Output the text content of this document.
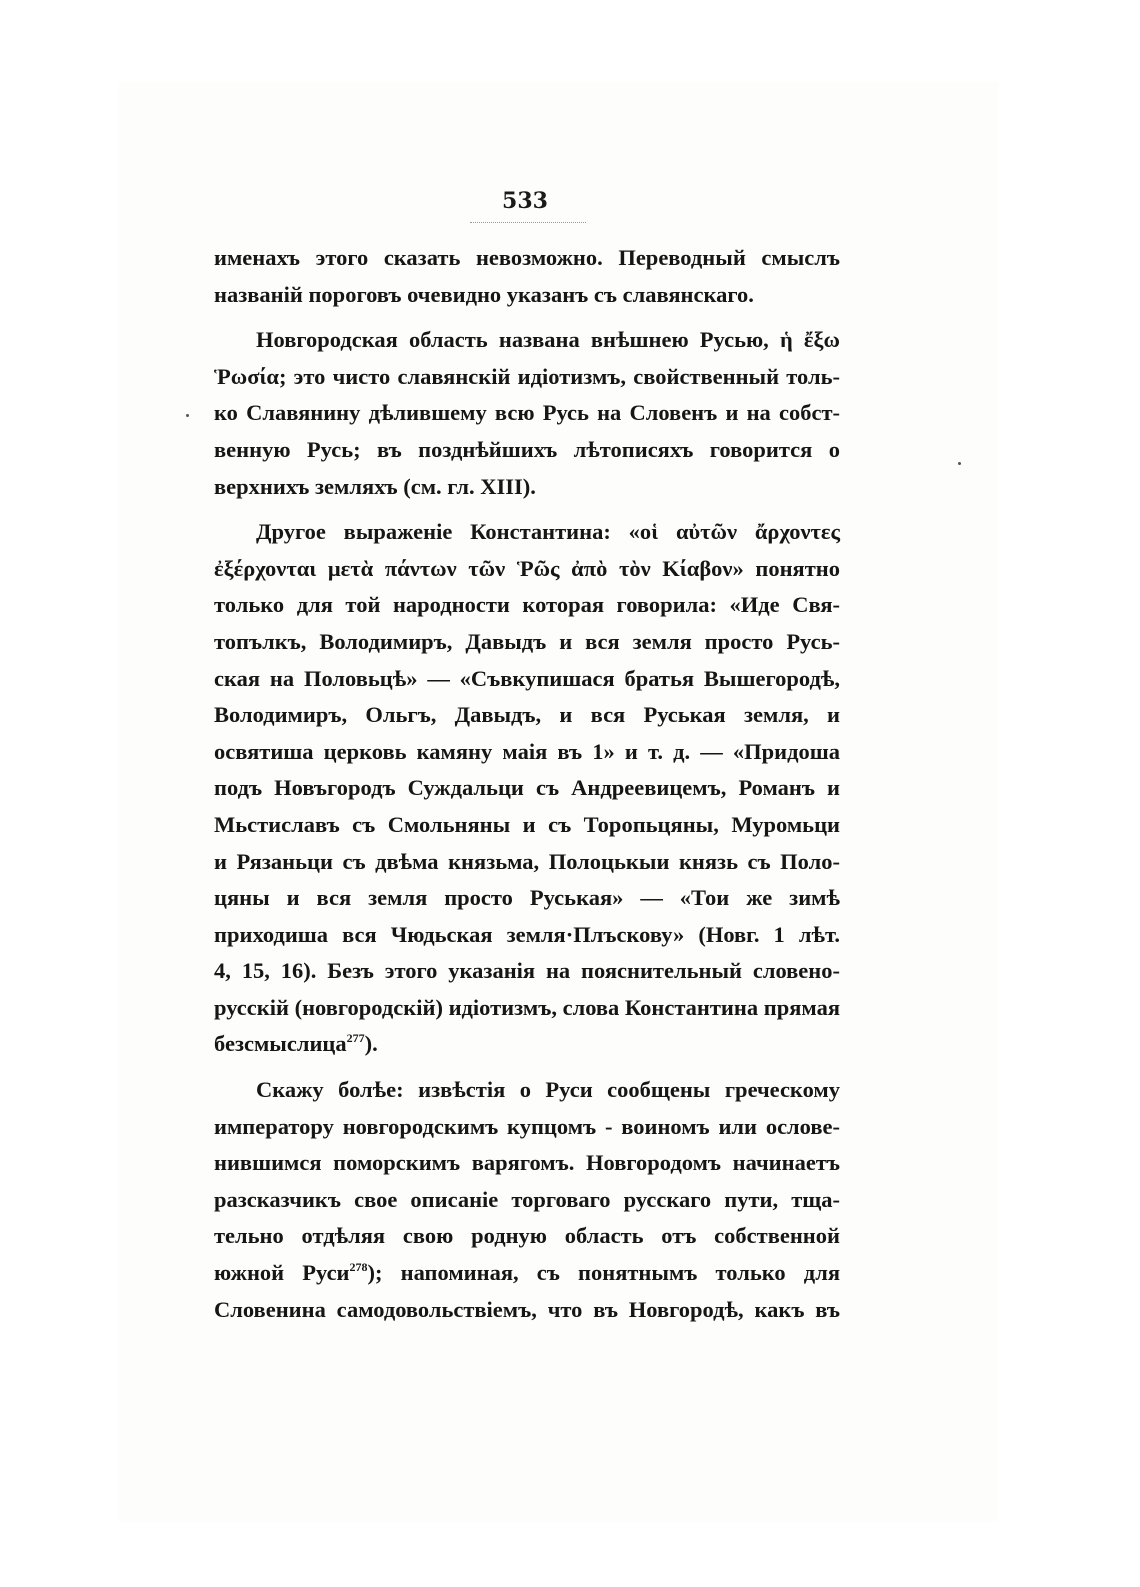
533
именахъ этого сказать невозможно. Переводный смыслъ
названій пороговъ очевидно указанъ съ славянскаго.
Новгородская область названа внѣшнею Русью, ἡ ἔξω
Ῥωσία; это чисто славянскій идіотизмъ, свойственный толь-
ко Славянину дѣлившему всю Русь на Словенъ и на собст-
венную Русь; въ позднѣйшихъ лѣтописяхъ говорится о
верхнихъ земляхъ (см. гл. XIII).
Другое выраженіе Константина: «οἱ αὐτῶν ἄρχοντες
ἐξέρχονται μετὰ πάντων τῶν Ῥῶς ἀπὸ τὸν Κίαβον» понятно
только для той народности которая говорила: «Иде Свя-
топълкъ, Володимиръ, Давыдъ и вся земля просто Русь-
ская на Половьцѣ» — «Съвкупишася братья Вышегородѣ,
Володимиръ, Ольгъ, Давыдъ, и вся Руськая земля, и
освятиша церковь камяну маія въ 1» и т. д. — «Придоша
подъ Новъгородъ Суждальци съ Андреевицемъ, Романъ и
Мьстиславъ съ Смольняны и съ Торопьцяны, Муромьци
и Рязаньци съ двѣма князьма, Полоцькыи князь съ Поло-
цяны и вся земля просто Руськая» — «Тои же зимѣ
приходиша вся Чюдьская земля·Плъскову» (Новг. 1 лѣт.
4, 15, 16). Безъ этого указанія на пояснительный словено-
русскій (новгородскій) идіотизмъ, слова Константина прямая
безсмыслица$^{277}$).
Скажу болѣе: извѣстія о Руси сообщены греческому
императору новгородскимъ купцомъ - воиномъ или ослове-
нившимся поморскимъ варягомъ. Новгородомъ начинаетъ
разсказчикъ свое описаніе торговаго русскаго пути, тща-
тельно отдѣляя свою родную область отъ собственной
южной Руси$^{278}$); напоминая, съ понятнымъ только для
Словенина самодовольствіемъ, что въ Новгородѣ, какъ въ
